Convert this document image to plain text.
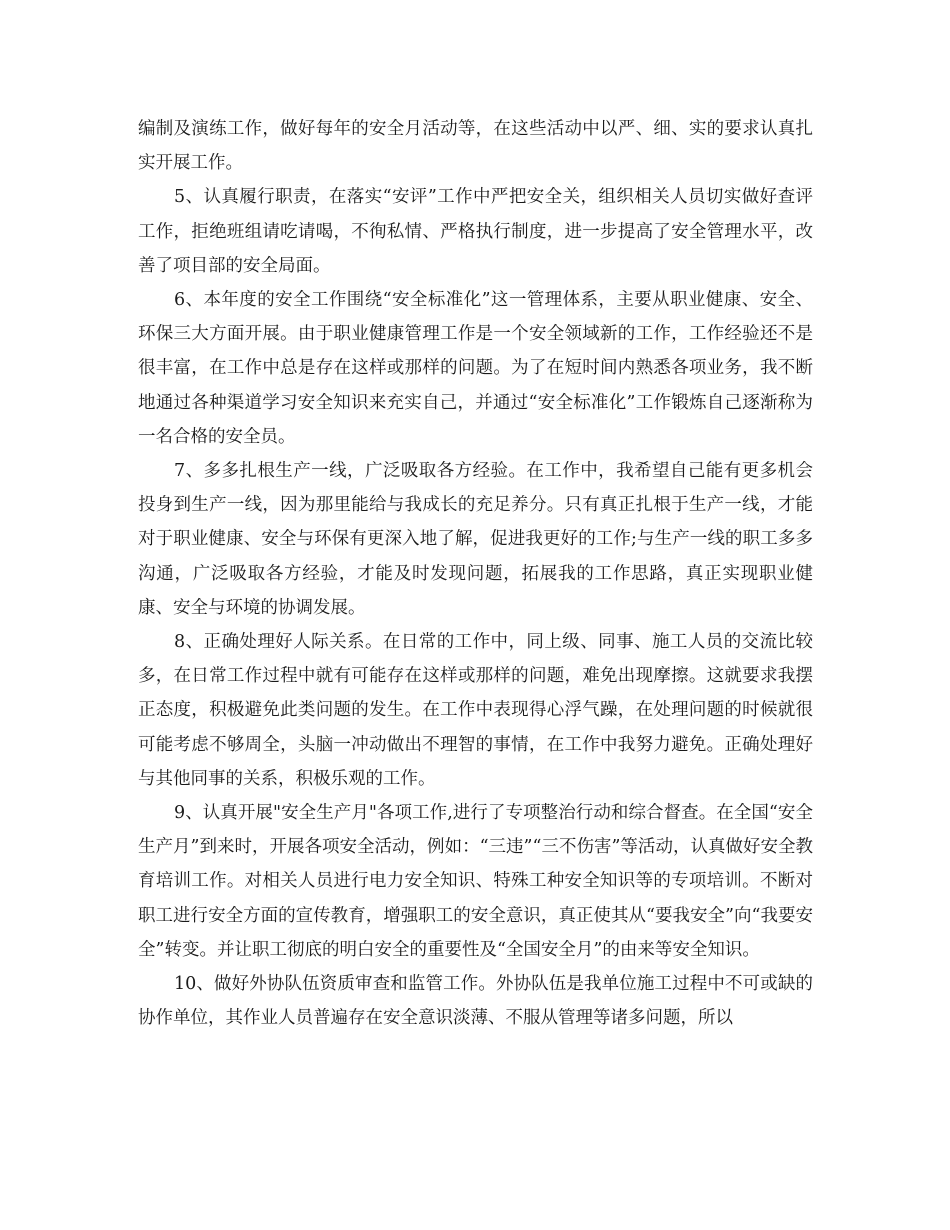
编制及演练工作，做好每年的安全月活动等，在这些活动中以严、细、实的要求认真扎实开展工作。

5、认真履行职责，在落实“安评”工作中严把安全关，组织相关人员切实做好查评工作，拒绝班组请吃请喝，不徇私情、严格执行制度，进一步提高了安全管理水平，改善了项目部的安全局面。

6、本年度的安全工作围绕“安全标准化”这一管理体系，主要从职业健康、安全、环保三大方面开展。由于职业健康管理工作是一个安全领域新的工作，工作经验还不是很丰富，在工作中总是存在这样或那样的问题。为了在短时间内熟悉各项业务，我不断地通过各种渠道学习安全知识来充实自己，并通过“安全标准化”工作锻炼自己逐渐称为一名合格的安全员。

7、多多扎根生产一线，广泛吸取各方经验。在工作中，我希望自己能有更多机会投身到生产一线，因为那里能给与我成长的充足养分。只有真正扎根于生产一线，才能对于职业健康、安全与环保有更深入地了解，促进我更好的工作;与生产一线的职工多多沟通，广泛吸取各方经验，才能及时发现问题，拓展我的工作思路，真正实现职业健康、安全与环境的协调发展。

8、正确处理好人际关系。在日常的工作中，同上级、同事、施工人员的交流比较多，在日常工作过程中就有可能存在这样或那样的问题，难免出现摩擦。这就要求我摆正态度，积极避免此类问题的发生。在工作中表现得心浮气躁，在处理问题的时候就很可能考虑不够周全，头脑一冲动做出不理智的事情，在工作中我努力避免。正确处理好与其他同事的关系，积极乐观的工作。

9、认真开展"安全生产月"各项工作,进行了专项整治行动和综合督查。在全国“安全生产月”到来时，开展各项安全活动，例如：“三违”“三不伤害”等活动，认真做好安全教育培训工作。对相关人员进行电力安全知识、特殊工种安全知识等的专项培训。不断对职工进行安全方面的宣传教育，增强职工的安全意识，真正使其从“要我安全”向“我要安全”转变。并让职工彻底的明白安全的重要性及“全国安全月”的由来等安全知识。

10、做好外协队伍资质审查和监管工作。外协队伍是我单位施工过程中不可或缺的协作单位，其作业人员普遍存在安全意识淡薄、不服从管理等诸多问题，所以
